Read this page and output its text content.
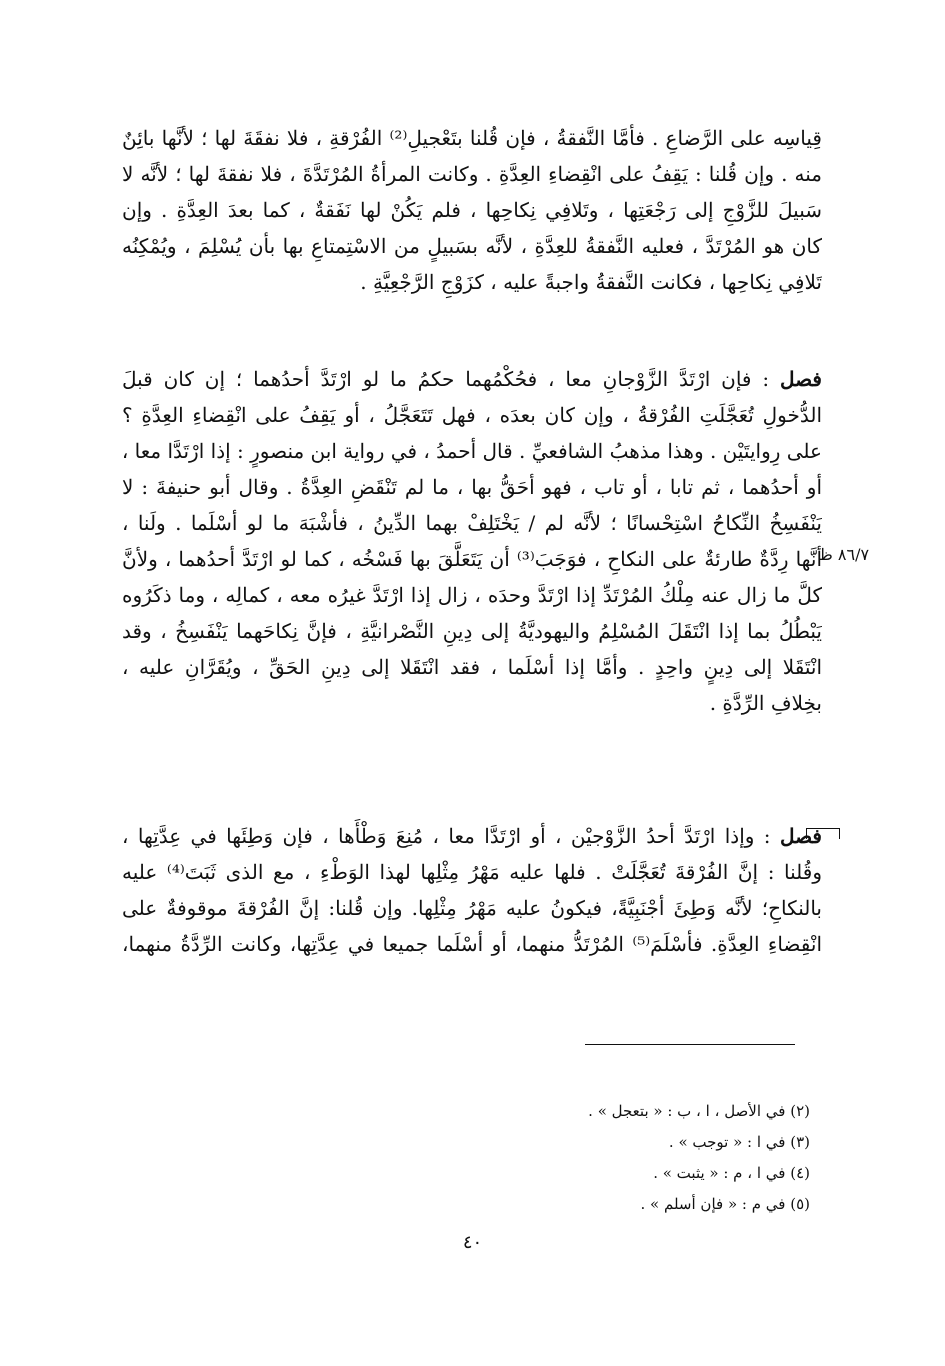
قِياسِه على الرَّضاعِ . فأمَّا النَّفقةُ ، فإن قُلنا بتَعْجيلِ⁽²⁾ الفُرْقةِ ، فلا نفقَةَ لها ؛ لأنَّها بائِنٌ
منه . وإن قُلنا : يَقِفُ على انْقِضاءِ العِدَّةِ . وكانت المرأةُ المُرْتَدَّةَ ، فلا نفقةَ لها ؛ لأنَّه لا
سَبيلَ للزَّوْجِ إلى رَجْعَتِها ، وتَلافِي نِكاحِها ، فلم يَكُنْ لها نَفَقةٌ ، كما بعدَ العِدَّةِ . وإن
كان هو المُرْتَدَّ ، فعليه النَّفقةُ للعِدَّةِ ، لأنَّه بسَبيلٍ من الاسْتِمتاعِ بها بأن يُسْلِمَ ، ويُمْكِنُه
تَلافِي نِكاحِها ، فكانت النَّفقةُ واجبةً عليه ، كزَوْجِ الرَّجْعِيَّةِ .
فصل : فإن ارْتَدَّ الزَّوْجانِ معا ، فحُكْمُهما حكمُ ما لو ارْتَدَّ أحدُهما ؛ إن كان قبلَ
الدُّخولِ تُعَجَّلَتِ الفُرْقةُ ، وإن كان بعدَه ، فهل تَتَعَجَّلُ ، أو يَقِفُ على انْقِضاءِ العِدَّةِ ؟
على رِوايتَيْن . وهذا مذهبُ الشافعيِّ . قال أحمدُ ، في رواية ابن منصورٍ : إذا ارْتَدَّا معا ،
أو أحدُهما ، ثم تابا ، أو تاب ، فهو أحَقُّ بها ، ما لم تَنْقَضِ العِدَّةُ . وقال أبو حنيفةَ : لا
يَنْفَسِخُ النِّكاحُ اسْتِحْسانًا ؛ لأنَّه لم / يَخْتَلِفْ بهما الدِّينُ ، فأشْبَهَ ما لو أسْلَما . ولَنا ،
أنَّها رِدَّةٌ طارئةٌ على النكاحِ ، فوَجَبَ⁽³⁾ أن يَتَعَلَّقَ بها فَسْخُه ، كما لو ارْتَدَّ أحدُهما ، ولأنَّ
كلَّ ما زال عنه مِلْكُ المُرْتَدِّ إذا ارْتَدَّ وحدَه ، زال إذا ارْتَدَّ غيرُه معه ، كمالِه ، وما ذكَرُوه
يَبْطُلُ بما إذا انْتَقَلَ المُسْلِمُ واليهوديَّةُ إلى دِينِ النَّصْرانيَّةِ ، فإنَّ نِكاحَهما يَنْفَسِخُ ، وقد
انْتَقَلا إلى دِينٍ واحِدٍ . وأمَّا إذا أسْلَما ، فقد انْتَقَلا إلى دِينِ الحَقِّ ، ويُقَرَّانِ عليه ،
بخِلافِ الرِّدَّةِ .
فصل : وإذا ارْتَدَّ أحدُ الزَّوْجيْن ، أو ارْتَدَّا معا ، مُنِعَ وَطْأَها ، فإن وَطِئَها في عِدَّتِها ،
وقُلنا : إنَّ الفُرْقةَ تُعَجَّلَتْ . فلها عليه مَهْرُ مِثْلِها لهذا الوَطْءِ ، مع الذى ثَبَتَ⁽⁴⁾ عليه
بالنكاحِ؛ لأنَّه وَطِئَ أجْنَبِيَّةً، فيكونُ عليه مَهْرُ مِثْلِها. وإن قُلنا: إنَّ الفُرْقةَ موقوفةٌ على
انْقِضاءِ العِدَّةِ. فأسْلَمَ⁽⁵⁾ المُرْتَدُّ منهما، أو أسْلَما جميعا في عِدَّتِها، وكانت الرِّدَّةُ منهما،
٨٦/٧ ظ
(٢) في الأصل ، ا ، ب : « بتعجل » .
(٣) في ا : « توجب » .
(٤) في ا ، م : « يثبت » .
(٥) في م : « فإن أسلم » .
٤٠
